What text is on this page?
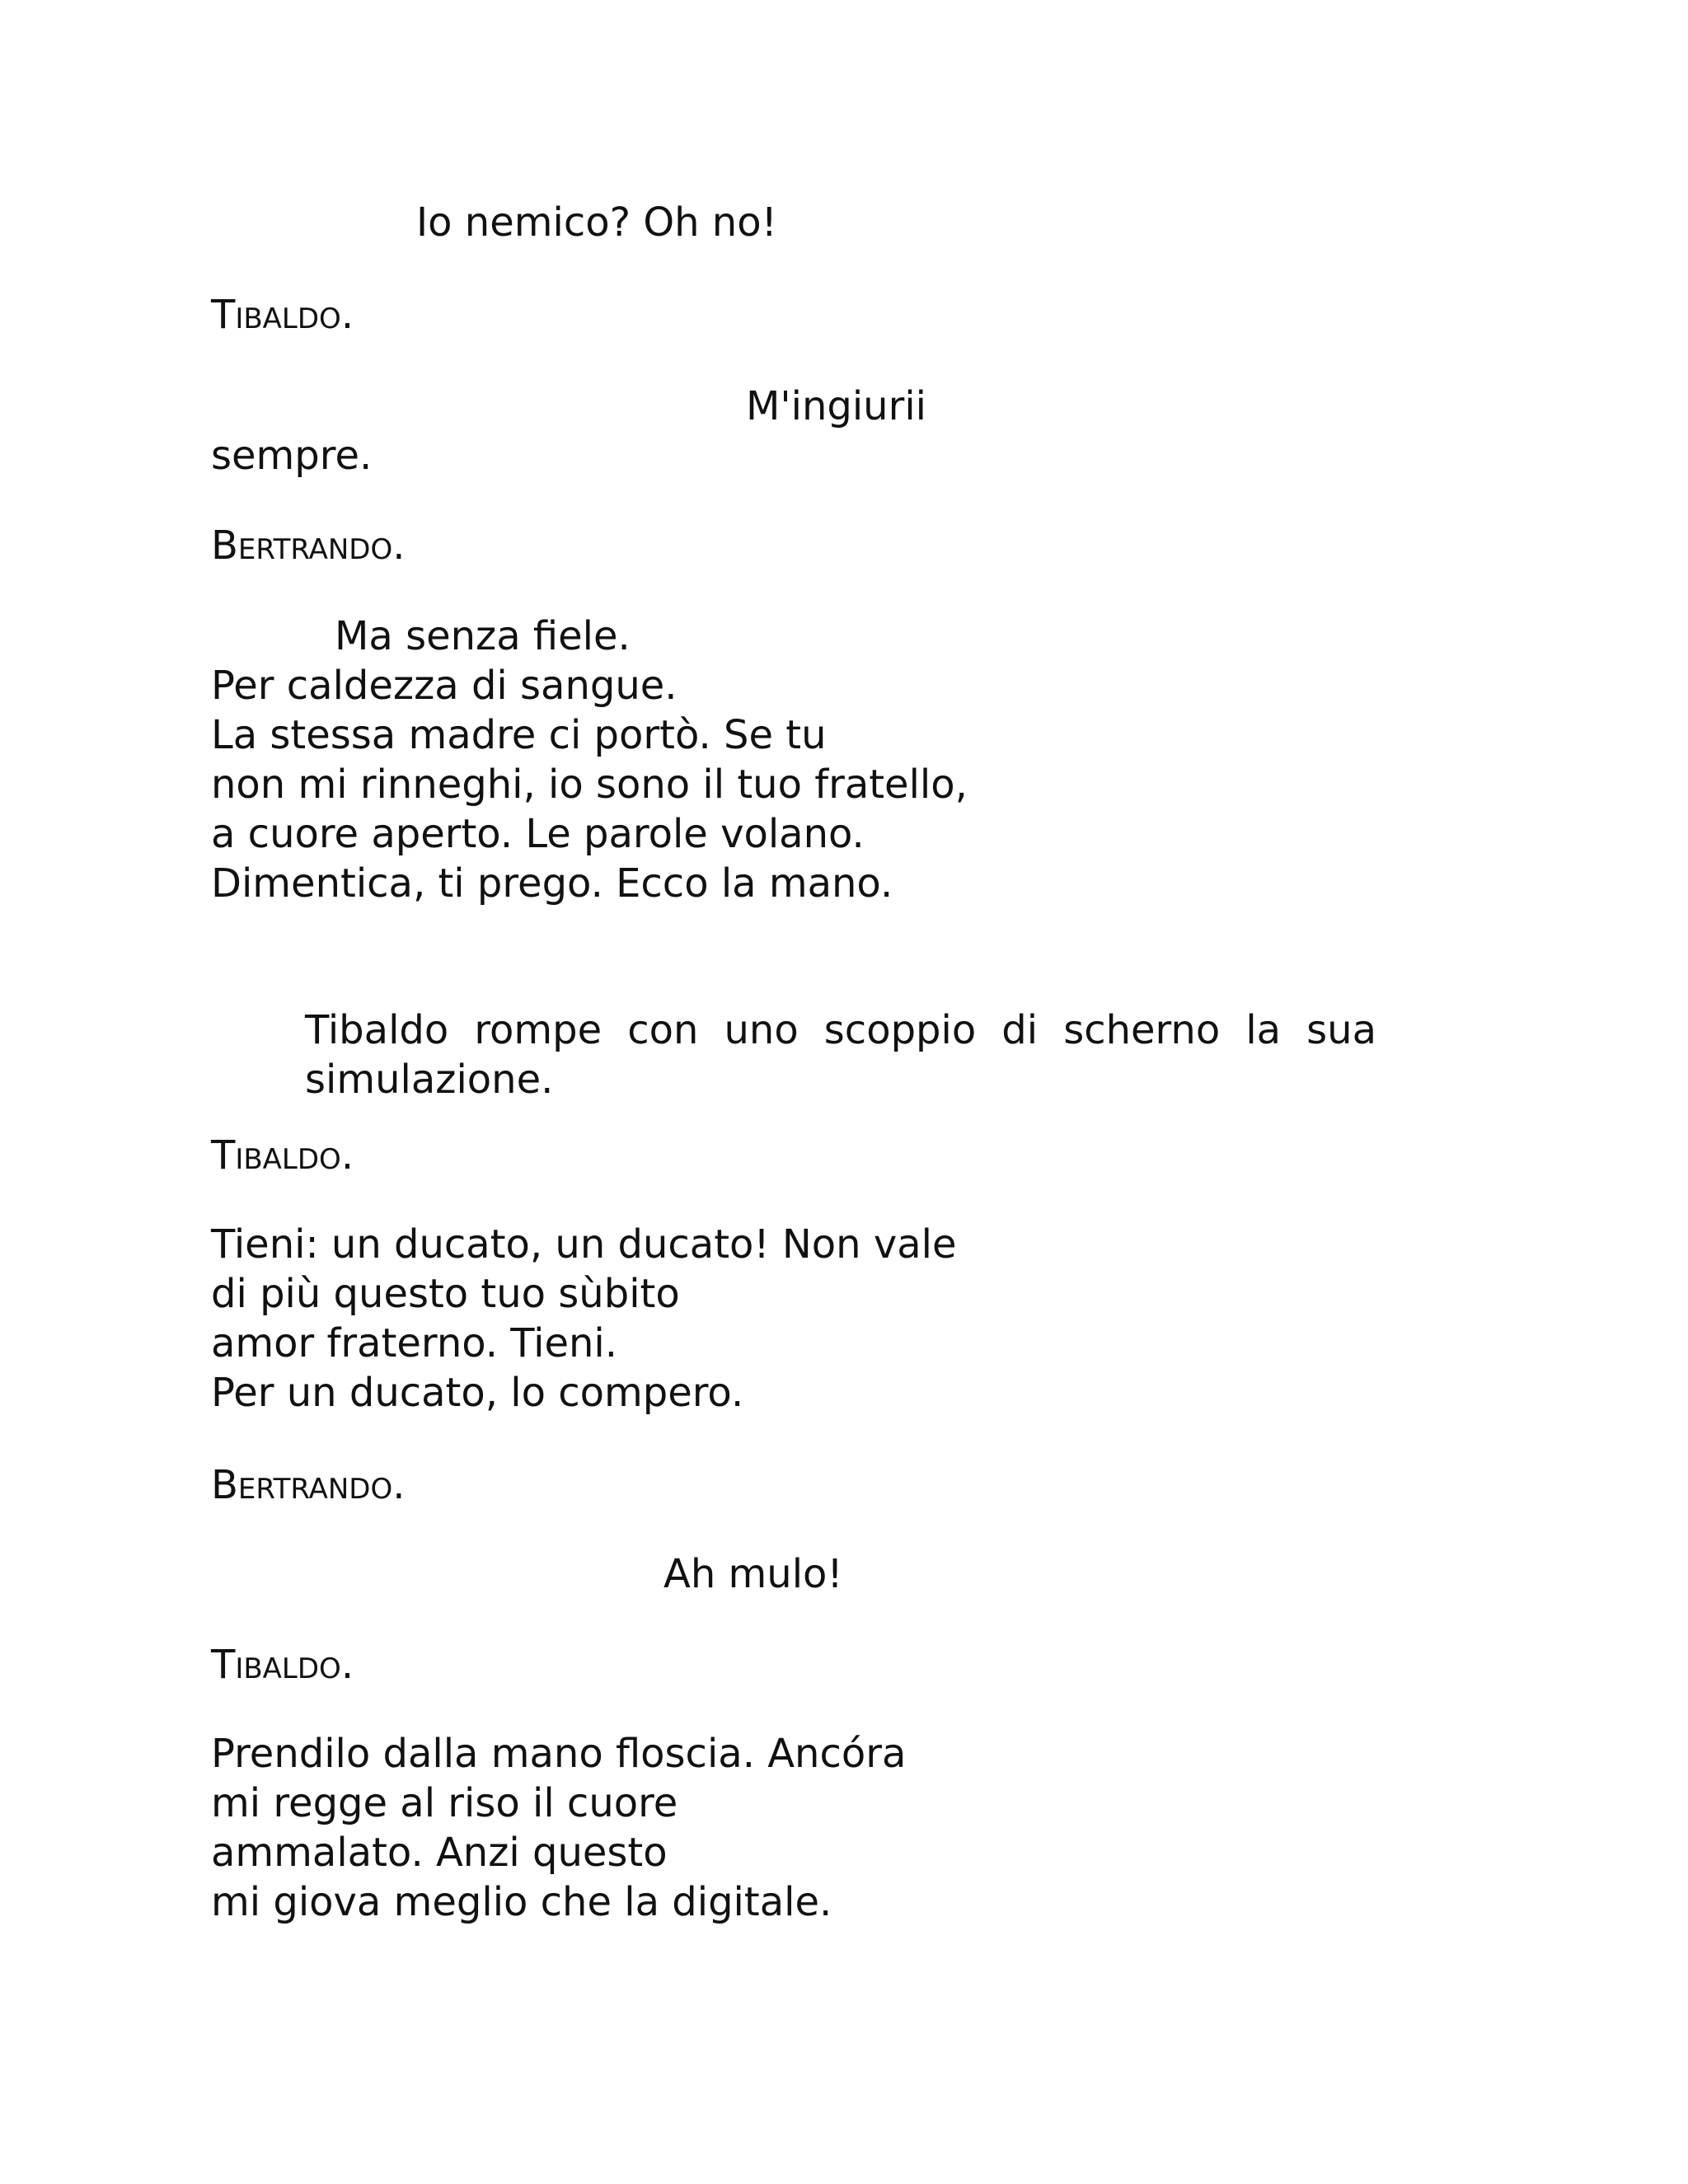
Io nemico? Oh no!

Tibaldo.

M'ingiurii

sempre.

Bertrando.

Ma senza fiele.
Per caldezza di sangue.
La stessa madre ci portò. Se tu
non mi rinneghi, io sono il tuo fratello,
a cuore aperto. Le parole volano.
Dimentica, ti prego. Ecco la mano.

Tibaldo rompe con uno scoppio di scherno la sua simulazione.

Tibaldo.

Tieni: un ducato, un ducato! Non vale
di più questo tuo sùbito
amor fraterno. Tieni.
Per un ducato, lo compero.

Bertrando.

Ah mulo!

Tibaldo.

Prendilo dalla mano floscia. Ancóra
mi regge al riso il cuore
ammalato. Anzi questo
mi giova meglio che la digitale.
